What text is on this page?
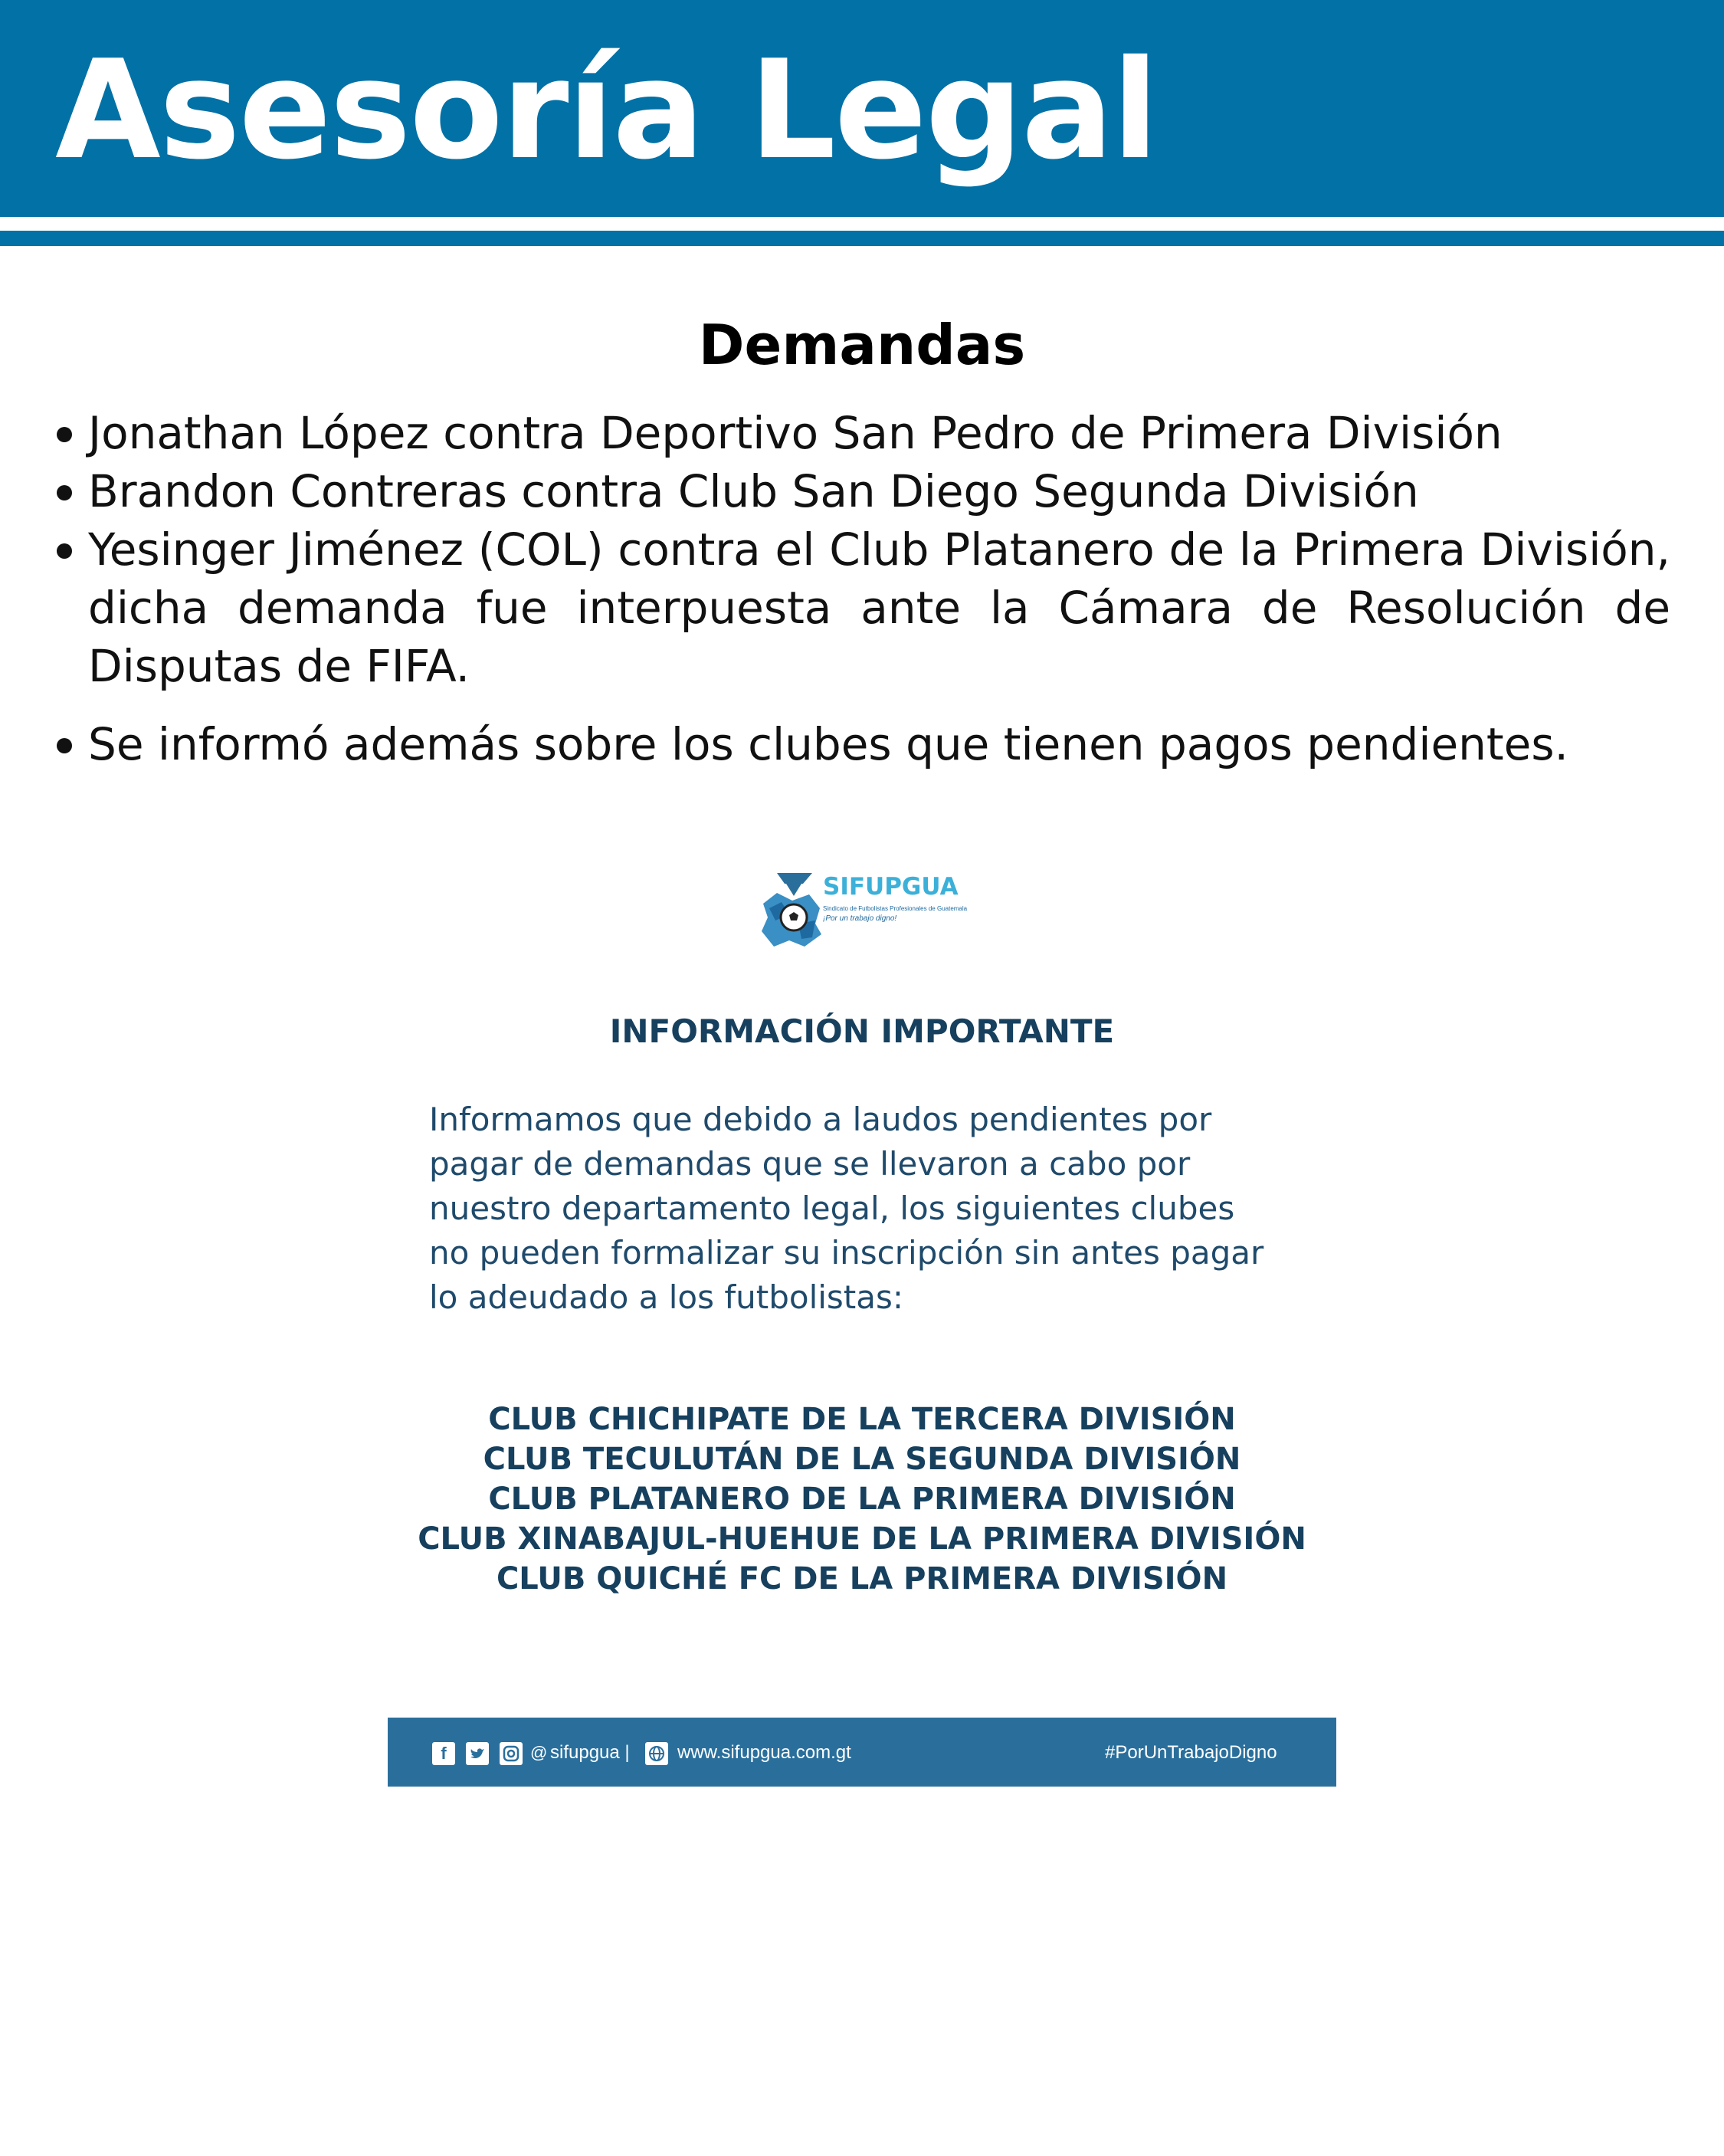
Asesoría Legal
Demandas
Jonathan López contra Deportivo San Pedro de Primera División
Brandon Contreras contra Club San Diego Segunda División
Yesinger Jiménez (COL) contra el Club Platanero de la Primera División, dicha demanda fue interpuesta ante la Cámara de Resolución de Disputas de FIFA.
Se informó además sobre los clubes que tienen pagos pendientes.
SIFUPGUA
Sindicato de Futbolistas Profesionales de Guatemala
¡Por un trabajo digno!
INFORMACIÓN IMPORTANTE

Informamos que debido a laudos pendientes por
pagar de demandas que se llevaron a cabo por
nuestro departamento legal, los siguientes clubes
no pueden formalizar su inscripción sin antes pagar
lo adeudado a los futbolistas:

CLUB CHICHIPATE DE LA TERCERA DIVISIÓN
CLUB TECULUTÁN DE LA SEGUNDA DIVISIÓN
CLUB PLATANERO DE LA PRIMERA DIVISIÓN
CLUB XINABAJUL-HUEHUE DE LA PRIMERA DIVISIÓN
CLUB QUICHÉ FC DE LA PRIMERA DIVISIÓN
f	@ sifupgua |	www.sifupgua.com.gt	#PorUnTrabajoDigno
